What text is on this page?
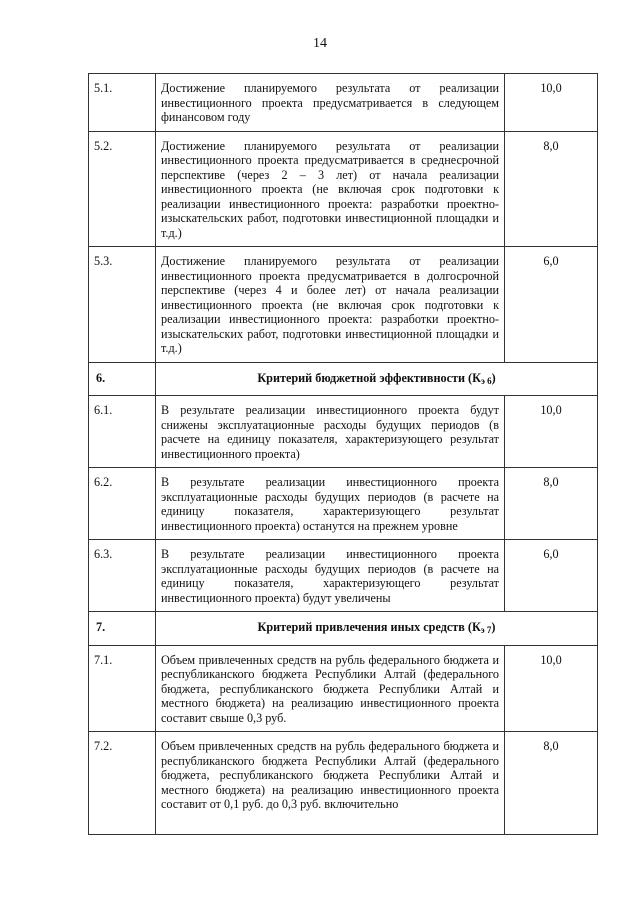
14
5.1.	Достижение планируемого результата от реализации инвестиционного проекта предусматривается в следующем финансовом году	10,0
5.2.	Достижение планируемого результата от реализации инвестиционного проекта предусматривается в среднесрочной перспективе (через 2 – 3 лет) от начала реализации инвестиционного проекта (не включая срок подготовки к реализации инвестиционного проекта: разработки проектно-изыскательских работ, подготовки инвестиционной площадки и т.д.)	8,0
5.3.	Достижение планируемого результата от реализации инвестиционного проекта предусматривается в долгосрочной перспективе (через 4 и более лет) от начала реализации инвестиционного проекта (не включая срок подготовки к реализации инвестиционного проекта: разработки проектно-изыскательских работ, подготовки инвестиционной площадки и т.д.)	6,0
6.	Критерий бюджетной эффективности $(К_{э 6})$	
6.1.	В результате реализации инвестиционного проекта будут снижены эксплуатационные расходы будущих периодов (в расчете на единицу показателя, характеризующего результат инвестиционного проекта)	10,0
6.2.	В результате реализации инвестиционного проекта эксплуатационные расходы будущих периодов (в расчете на единицу показателя, характеризующего результат инвестиционного проекта) останутся на прежнем уровне	8,0
6.3.	В результате реализации инвестиционного проекта эксплуатационные расходы будущих периодов (в расчете на единицу показателя, характеризующего результат инвестиционного проекта) будут увеличены	6,0
7.	Критерий привлечения иных средств $(К_{э 7})$	
7.1.	Объем привлеченных средств на рубль федерального бюджета и республиканского бюджета Республики Алтай (федерального бюджета, республиканского бюджета Республики Алтай и местного бюджета) на реализацию инвестиционного проекта составит свыше 0,3 руб.	10,0
7.2.	Объем привлеченных средств на рубль федерального бюджета и республиканского бюджета Республики Алтай (федерального бюджета, республиканского бюджета Республики Алтай и местного бюджета) на реализацию инвестиционного проекта составит от 0,1 руб. до 0,3 руб. включительно	8,0
